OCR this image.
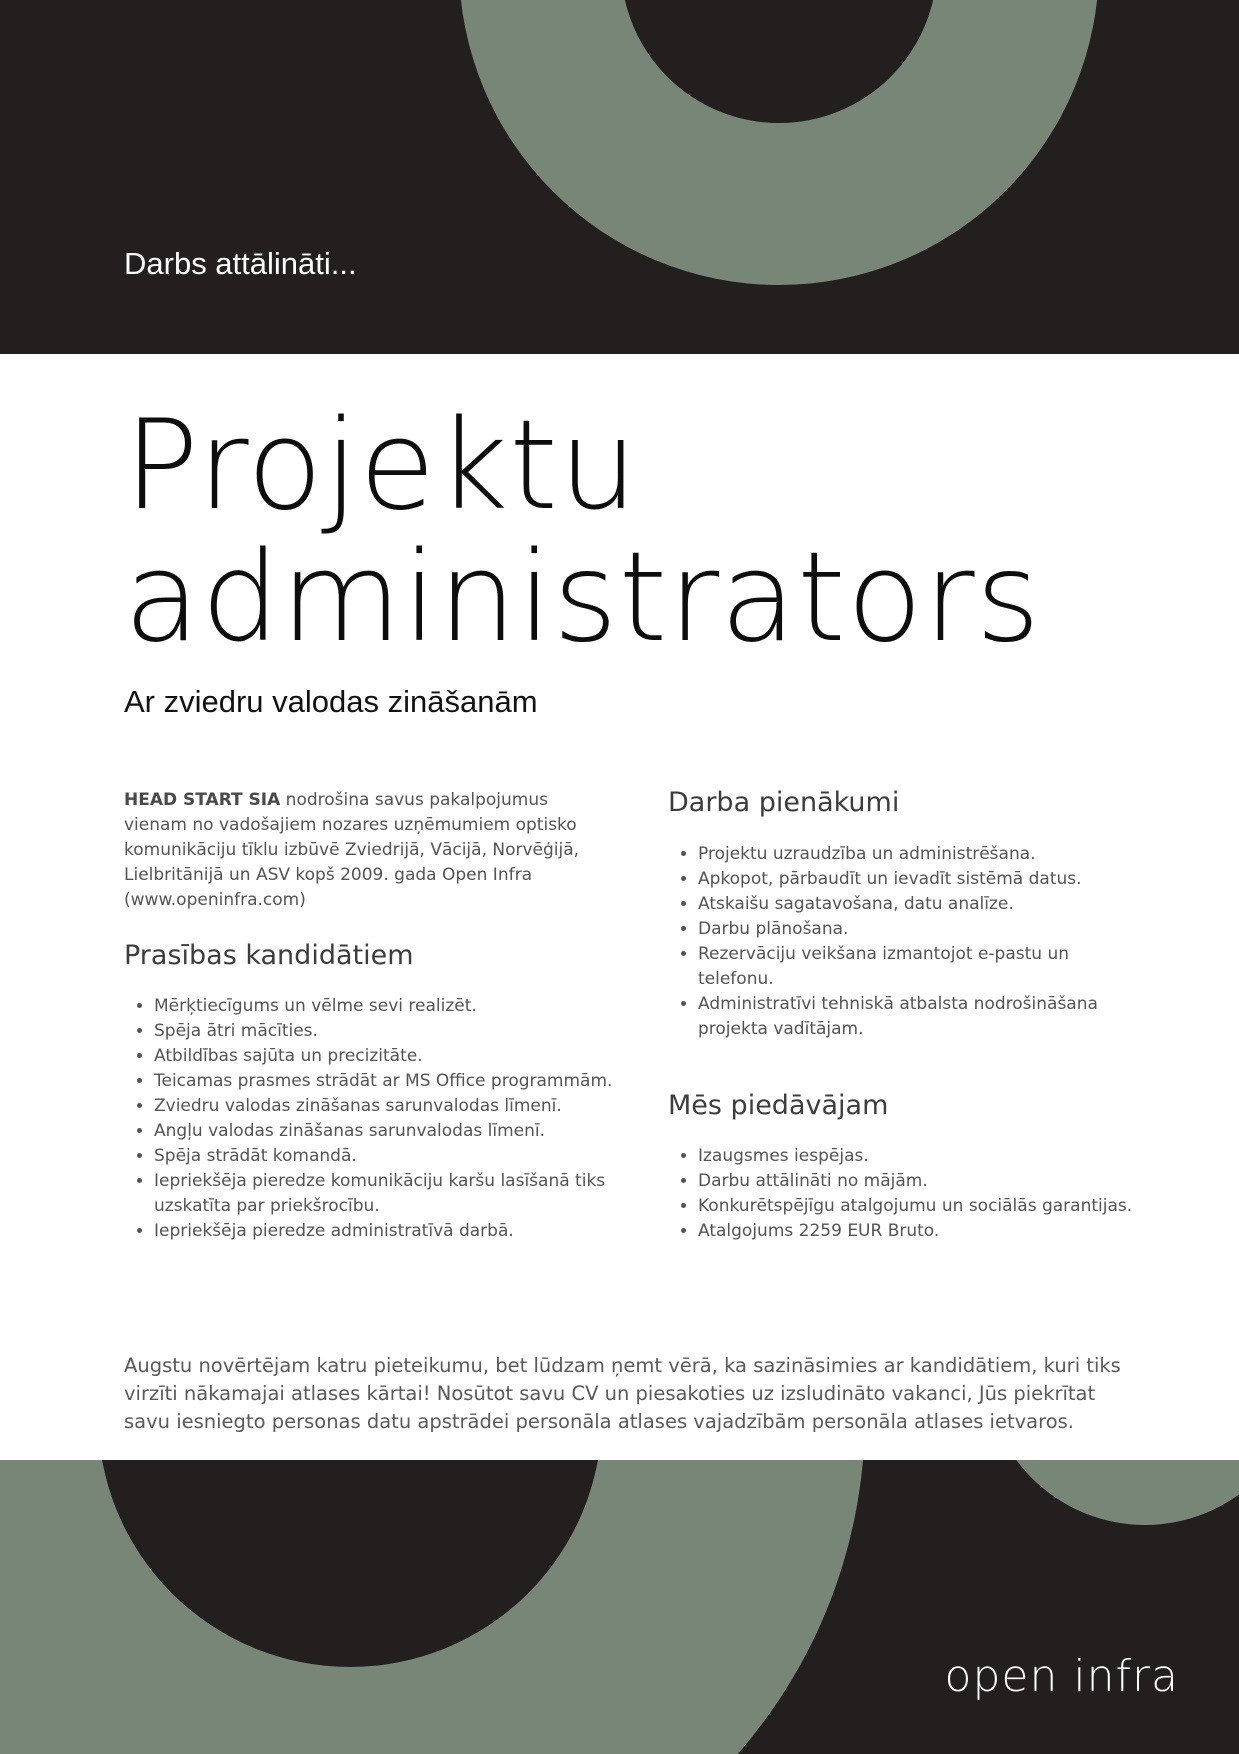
Darbs attālināti...
Projektu
administrators
Ar zviedru valodas zināšanām
HEAD START SIA nodrošina savus pakalpojumus vienam no vadošajiem nozares uzņēmumiem optisko komunikāciju tīklu izbūvē Zviedrijā, Vācijā, Norvēģijā, Lielbritānijā un ASV kopš 2009. gada Open Infra (www.openinfra.com)
Prasības kandidātiem
• Mērķtiecīgums un vēlme sevi realizēt.
• Spēja ātri mācīties.
• Atbildības sajūta un precizitāte.
• Teicamas prasmes strādāt ar MS Office programmām.
• Zviedru valodas zināšanas sarunvalodas līmenī.
• Angļu valodas zināšanas sarunvalodas līmenī.
• Spēja strādāt komandā.
• Iepriekšēja pieredze komunikāciju karšu lasīšanā tiks uzskatīta par priekšrocību.
• Iepriekšēja pieredze administratīvā darbā.
Darba pienākumi
• Projektu uzraudzība un administrēšana.
• Apkopot, pārbaudīt un ievadīt sistēmā datus.
• Atskaišu sagatavošana, datu analīze.
• Darbu plānošana.
• Rezervāciju veikšana izmantojot e-pastu un telefonu.
• Administratīvi tehniskā atbalsta nodrošināšana projekta vadītājam.
Mēs piedāvājam
• Izaugsmes iespējas.
• Darbu attālināti no mājām.
• Konkurētspējīgu atalgojumu un sociālās garantijas.
• Atalgojums 2259 EUR Bruto.

Augstu novērtējam katru pieteikumu, bet lūdzam ņemt vērā, ka sazināsimies ar kandidātiem, kuri tiks virzīti nākamajai atlases kārtai! Nosūtot savu CV un piesakoties uz izsludināto vakanci, Jūs piekrītat savu iesniegto personas datu apstrādei personāla atlases vajadzībām personāla atlases ietvaros.

open infra
